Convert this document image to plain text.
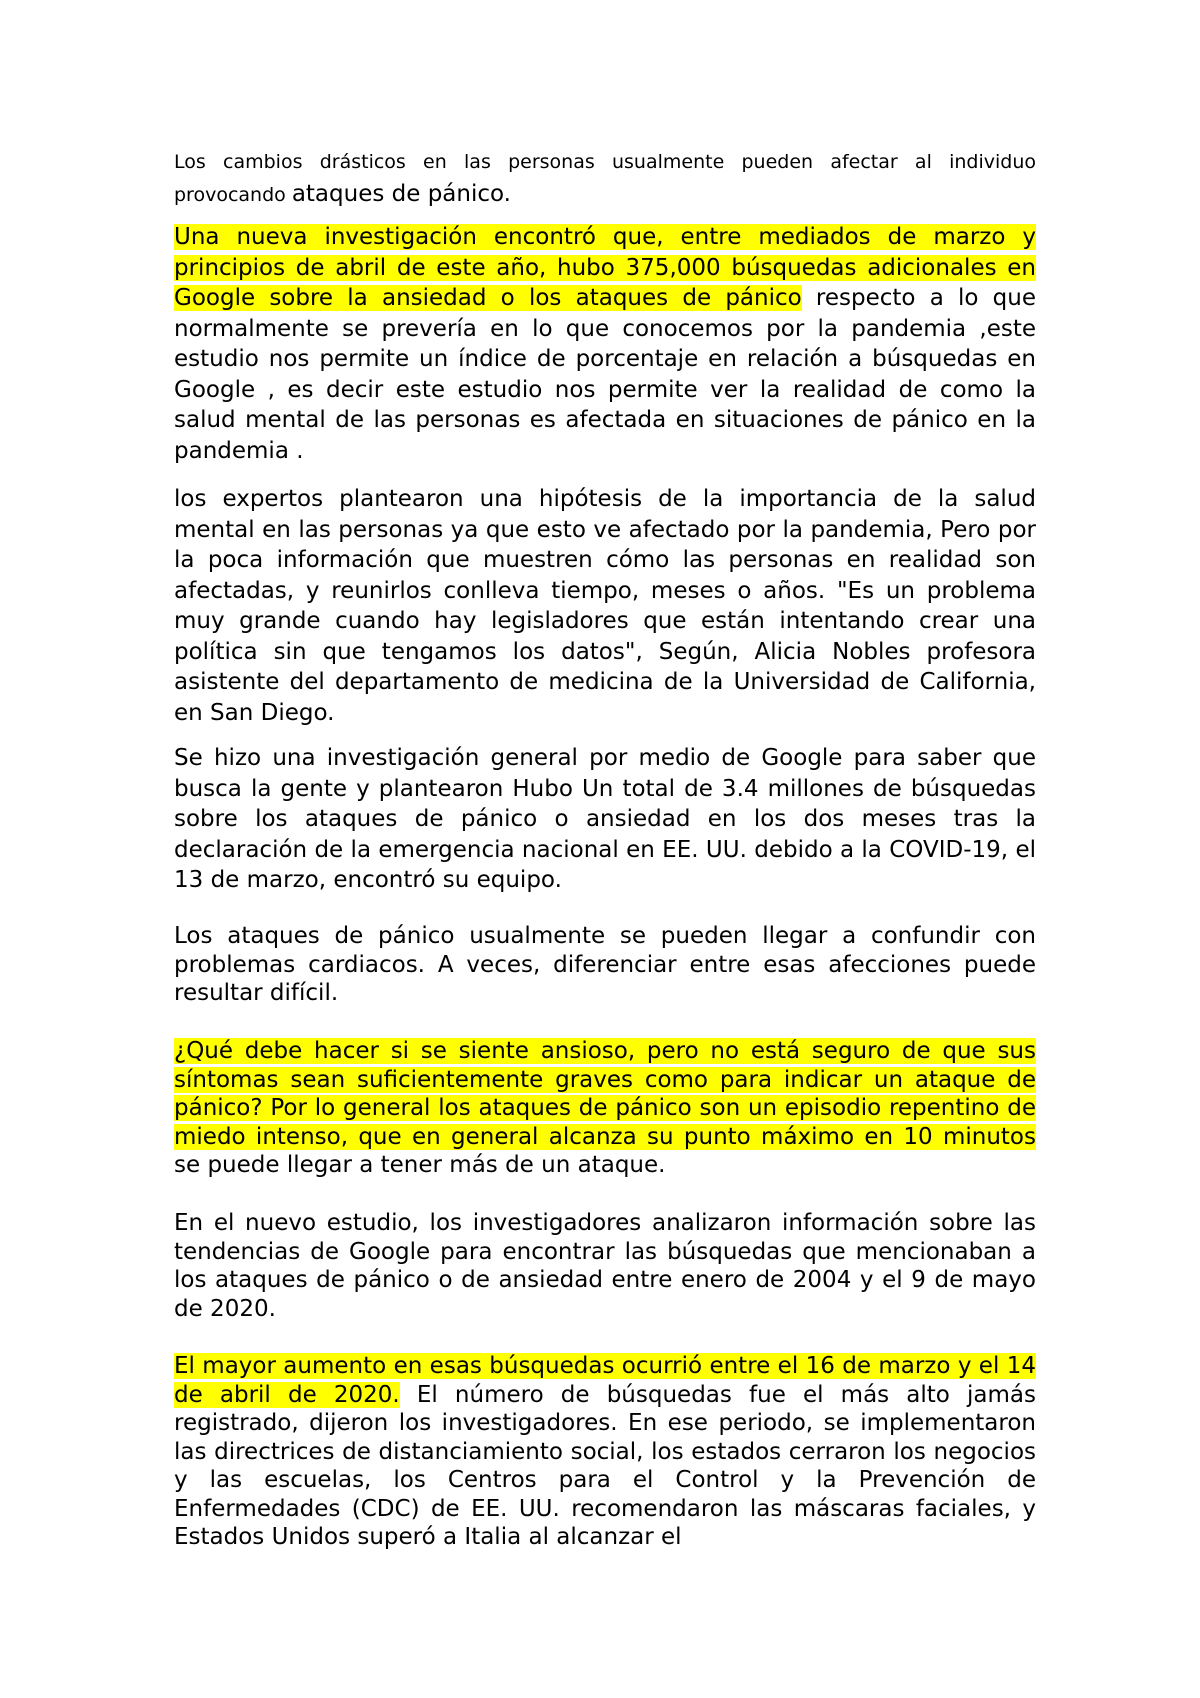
Los cambios drásticos en las personas usualmente pueden afectar al individuo provocando ataques de pánico.

Una nueva investigación encontró que, entre mediados de marzo y principios de abril de este año, hubo 375,000 búsquedas adicionales en Google sobre la ansiedad o los ataques de pánico respecto a lo que normalmente se prevería en lo que conocemos por la pandemia ,este estudio nos permite un índice de porcentaje en relación a búsquedas en Google , es decir este estudio nos permite ver la realidad de como la salud mental de las personas es afectada en situaciones de pánico en la pandemia .

los expertos plantearon una hipótesis de la importancia de la salud mental en las personas ya que esto ve afectado por la pandemia, Pero por la poca información que muestren cómo las personas en realidad son afectadas, y reunirlos conlleva tiempo, meses o años. "Es un problema muy grande cuando hay legisladores que están intentando crear una política sin que tengamos los datos", Según, Alicia Nobles profesora asistente del departamento de medicina de la Universidad de California, en San Diego.

Se hizo una investigación general por medio de Google para saber que busca la gente y plantearon Hubo Un total de 3.4 millones de búsquedas sobre los ataques de pánico o ansiedad en los dos meses tras la declaración de la emergencia nacional en EE. UU. debido a la COVID-19, el 13 de marzo, encontró su equipo.

Los ataques de pánico usualmente se pueden llegar a confundir con problemas cardiacos. A veces, diferenciar entre esas afecciones puede resultar difícil.

¿Qué debe hacer si se siente ansioso, pero no está seguro de que sus síntomas sean suficientemente graves como para indicar un ataque de pánico? Por lo general los ataques de pánico son un episodio repentino de miedo intenso, que en general alcanza su punto máximo en 10 minutos se puede llegar a tener más de un ataque.

En el nuevo estudio, los investigadores analizaron información sobre las tendencias de Google para encontrar las búsquedas que mencionaban a los ataques de pánico o de ansiedad entre enero de 2004 y el 9 de mayo de 2020.

El mayor aumento en esas búsquedas ocurrió entre el 16 de marzo y el 14 de abril de 2020. El número de búsquedas fue el más alto jamás registrado, dijeron los investigadores. En ese periodo, se implementaron las directrices de distanciamiento social, los estados cerraron los negocios y las escuelas, los Centros para el Control y la Prevención de Enfermedades (CDC) de EE. UU. recomendaron las máscaras faciales, y Estados Unidos superó a Italia al alcanzar el
